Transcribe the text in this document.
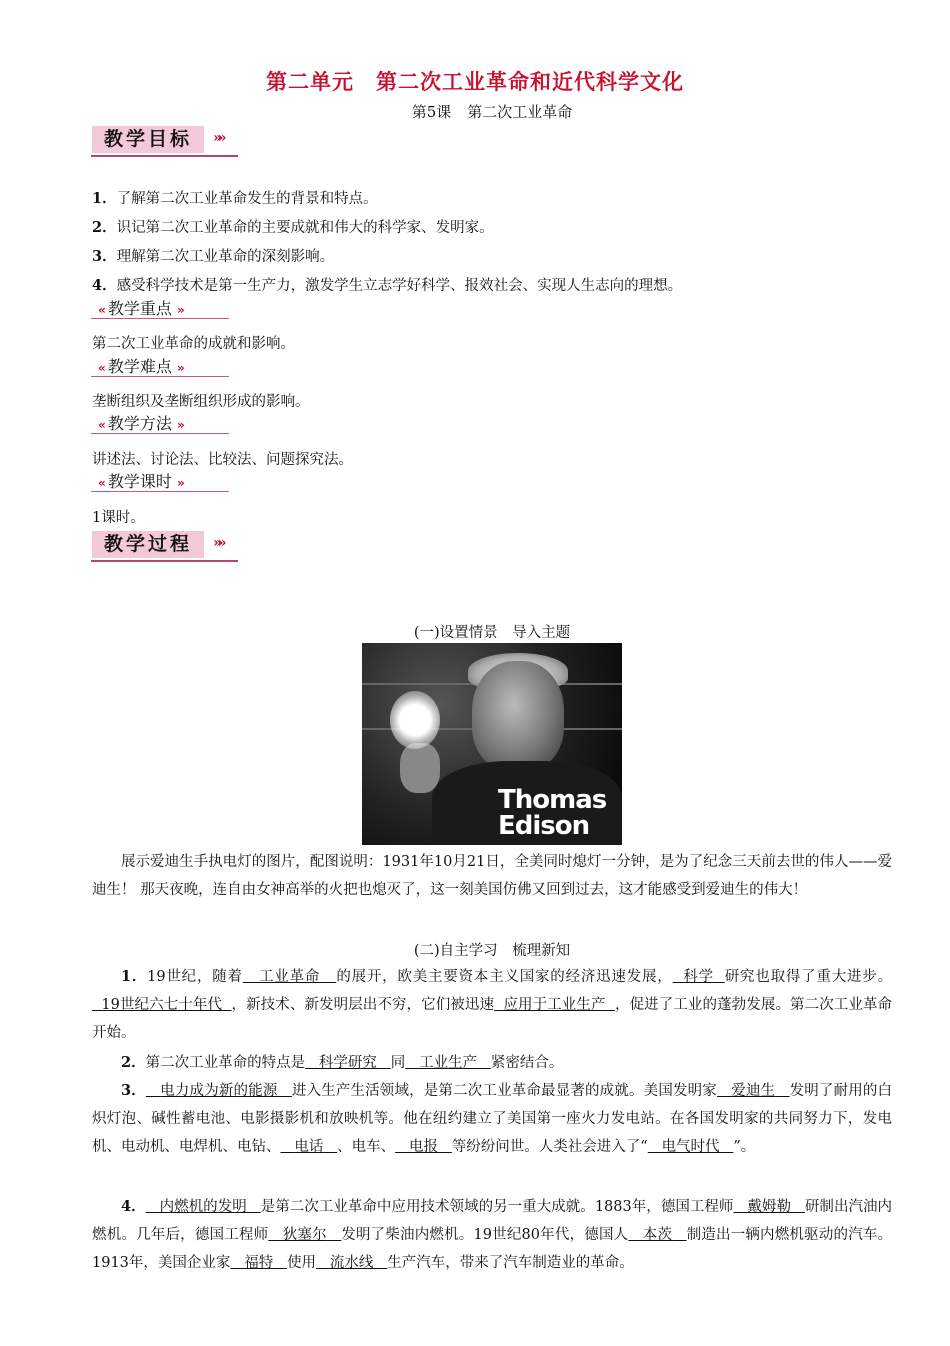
第二单元 第二次工业革命和近代科学文化
第5课 第二次工业革命
教学目标	»»
1．了解第二次工业革命发生的背景和特点。
2．识记第二次工业革命的主要成就和伟大的科学家、发明家。
3．理解第二次工业革命的深刻影响。
4．感受科学技术是第一生产力，激发学生立志学好科学、报效社会、实现人生志向的理想。
« 教学重点 »
第二次工业革命的成就和影响。
« 教学难点 »
垄断组织及垄断组织形成的影响。
« 教学方法 »
讲述法、讨论法、比较法、问题探究法。
« 教学课时 »
1课时。
教学过程	»»
(一)设置情景　导入主题
Thomas
Edison
展示爱迪生手执电灯的图片，配图说明：1931年10月21日，全美同时熄灯一分钟，是为了纪念三天前去世的伟人——爱迪生！ 那天夜晚，连自由女神高举的火把也熄灭了，这一刻美国仿佛又回到过去，这才能感受到爱迪生的伟大！
(二)自主学习　梳理新知
1．19世纪，随着 工业革命 的展开，欧美主要资本主义国家的经济迅速发展， 科学 研究也取得了重大进步。  19世纪六七十年代 ，新技术、新发明层出不穷，它们被迅速 应用于工业生产 ，促进了工业的蓬勃发展。第二次工业革命开始。
2．第二次工业革命的特点是 科学研究 同 工业生产 紧密结合。
3． 电力成为新的能源 进入生产生活领域，是第二次工业革命最显著的成就。美国发明家 爱迪生 发明了耐用的白炽灯泡、碱性蓄电池、电影摄影机和放映机等。他在纽约建立了美国第一座火力发电站。在各国发明家的共同努力下，发电机、电动机、电焊机、电钻、 电话 、电车、 电报 等纷纷问世。人类社会进入了“ 电气时代 ”。
4． 内燃机的发明 是第二次工业革命中应用技术领域的另一重大成就。1883年，德国工程师 戴姆勒 研制出汽油内燃机。几年后，德国工程师 狄塞尔 发明了柴油内燃机。19世纪80年代，德国人 本茨 制造出一辆内燃机驱动的汽车。1913年，美国企业家 福特 使用 流水线 生产汽车，带来了汽车制造业的革命。
